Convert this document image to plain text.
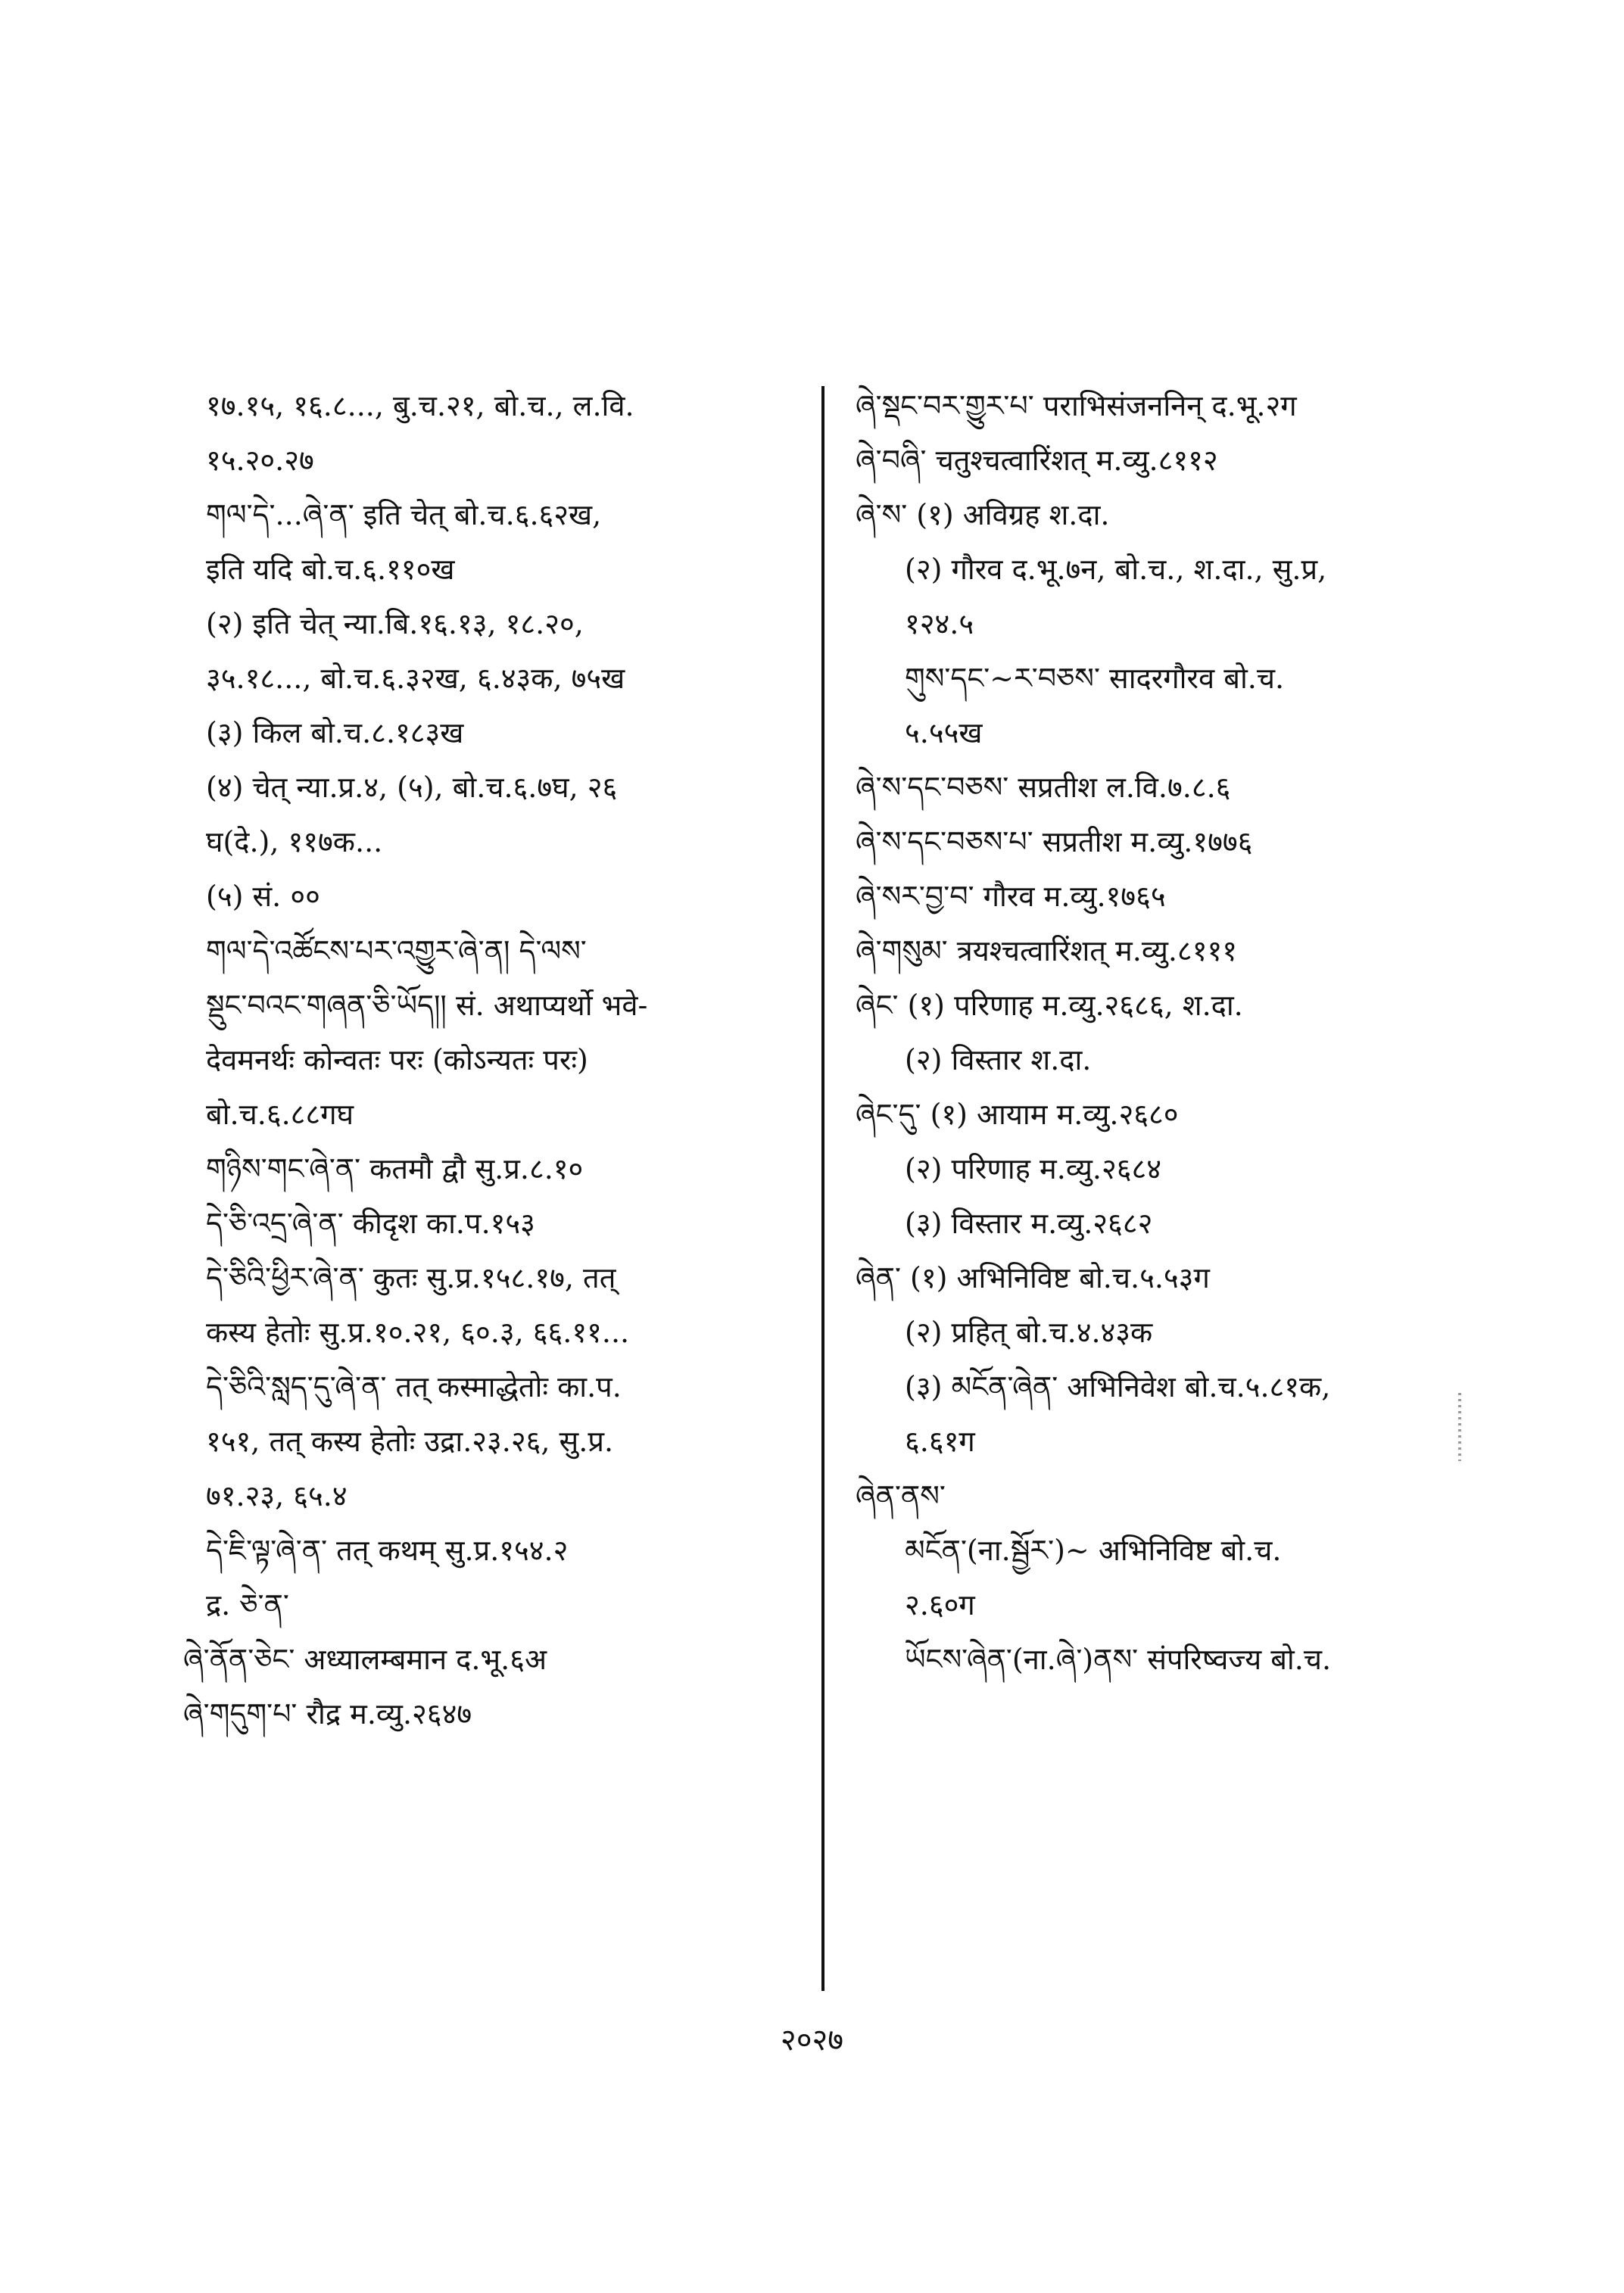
१७.१५, १६.८..., बु.च.२१, बो.च., ल.वि.
१५.२०.२७
གལ་དེ་...ཞེ་ན་ इति चेत् बो.च.६.६२ख,
इति यदि बो.च.६.११०ख
(२) इति चेत् न्या.बि.१६.१३, १८.२०,
३५.१८..., बो.च.६.३२ख, ६.४३क, ७५ख
(३) किल बो.च.८.१८३ख
(४) चेत् न्या.प्र.४, (५), बो.च.६.७घ, २६
घ(दे.), ११७क...
(५) सं. ००
གལ་དེ་འཚོངས་པར་འགྱུར་ཞེ་ན། དེ་ལས་
སྡུང་བའང་གཞན་ཅི་ཡོད།། सं. अथाप्यर्थो भवे-
देवमनर्थः कोन्वतः परः (कोऽन्यतः परः)
बो.च.६.८८गघ
གཉིས་གང་ཞེ་ན་ कतमौ द्वौ सु.प्र.८.१०
དེ་ཅི་འདྲ་ཞེ་ན་ कीदृश का.प.१५३
དེ་ཅིའི་ཕྱིར་ཞེ་ན་ कुतः सु.प्र.१५८.१७, तत्
कस्य हेतोः सु.प्र.१०.२१, ६०.३, ६६.११...
དེ་ཅིའི་སླད་དུ་ཞེ་ན་ तत् कस्माद्धेतोः का.प.
१५१, तत् कस्य हेतोः उद्रा.२३.२६, सु.प्र.
७१.२३, ६५.४
དེ་ཇི་ལྟ་ཞེ་ན་ तत् कथम् सु.प्र.१५४.२
द्र. ཅེ་ན་
ཞེ་ནོན་ཅེང་ अध्यालम्बमान द.भू.६अ
ཞེ་གདུག་པ་ रौद्र म.व्यु.२६४७
ཞེ་སྡང་བར་གྱུར་པ་ पराभिसंजननिन् द.भू.२ग
ཞེ་བཞི་ चतुश्चत्वारिंशत् म.व्यु.८११२
ཞེ་ས་ (१) अविग्रह श.दा.
(२) गौरव द.भू.७न, बो.च., श.दा., सु.प्र,
१२४.५
གུས་དང་~ར་བཅས་ सादरगौरव बो.च.
५.५५ख
ཞེ་ས་དང་བཅས་ सप्रतीश ल.वि.७.८.६
ཞེ་ས་དང་བཅས་པ་ सप्रतीश म.व्यु.१७७६
ཞེ་སར་བྱ་བ་ गौरव म.व्यु.१७६५
ཞེ་གསུམ་ त्रयश्चत्वारिंशत् म.व्यु.८१११
ཞེང་ (१) परिणाह म.व्यु.२६८६, श.दा.
(२) विस्तार श.दा.
ཞེང་དུ་ (१) आयाम म.व्यु.२६८०
(२) परिणाह म.व्यु.२६८४
(३) विस्तार म.व्यु.२६८२
ཞེན་ (१) अभिनिविष्ट बो.च.५.५३ग
(२) प्रहित् बो.च.४.४३क
(३) མངོན་ཞེན་ अभिनिवेश बो.च.५.८१क,
६.६१ग
ཞེན་ནས་
མངོན་(ना.སྦྱོར་)~ अभिनिविष्ट बो.च.
२.६०ग
ཡོངས་ཞེན་(ना.ཞེ་)ནས་ संपरिष्वज्य बो.च.
२०२७
